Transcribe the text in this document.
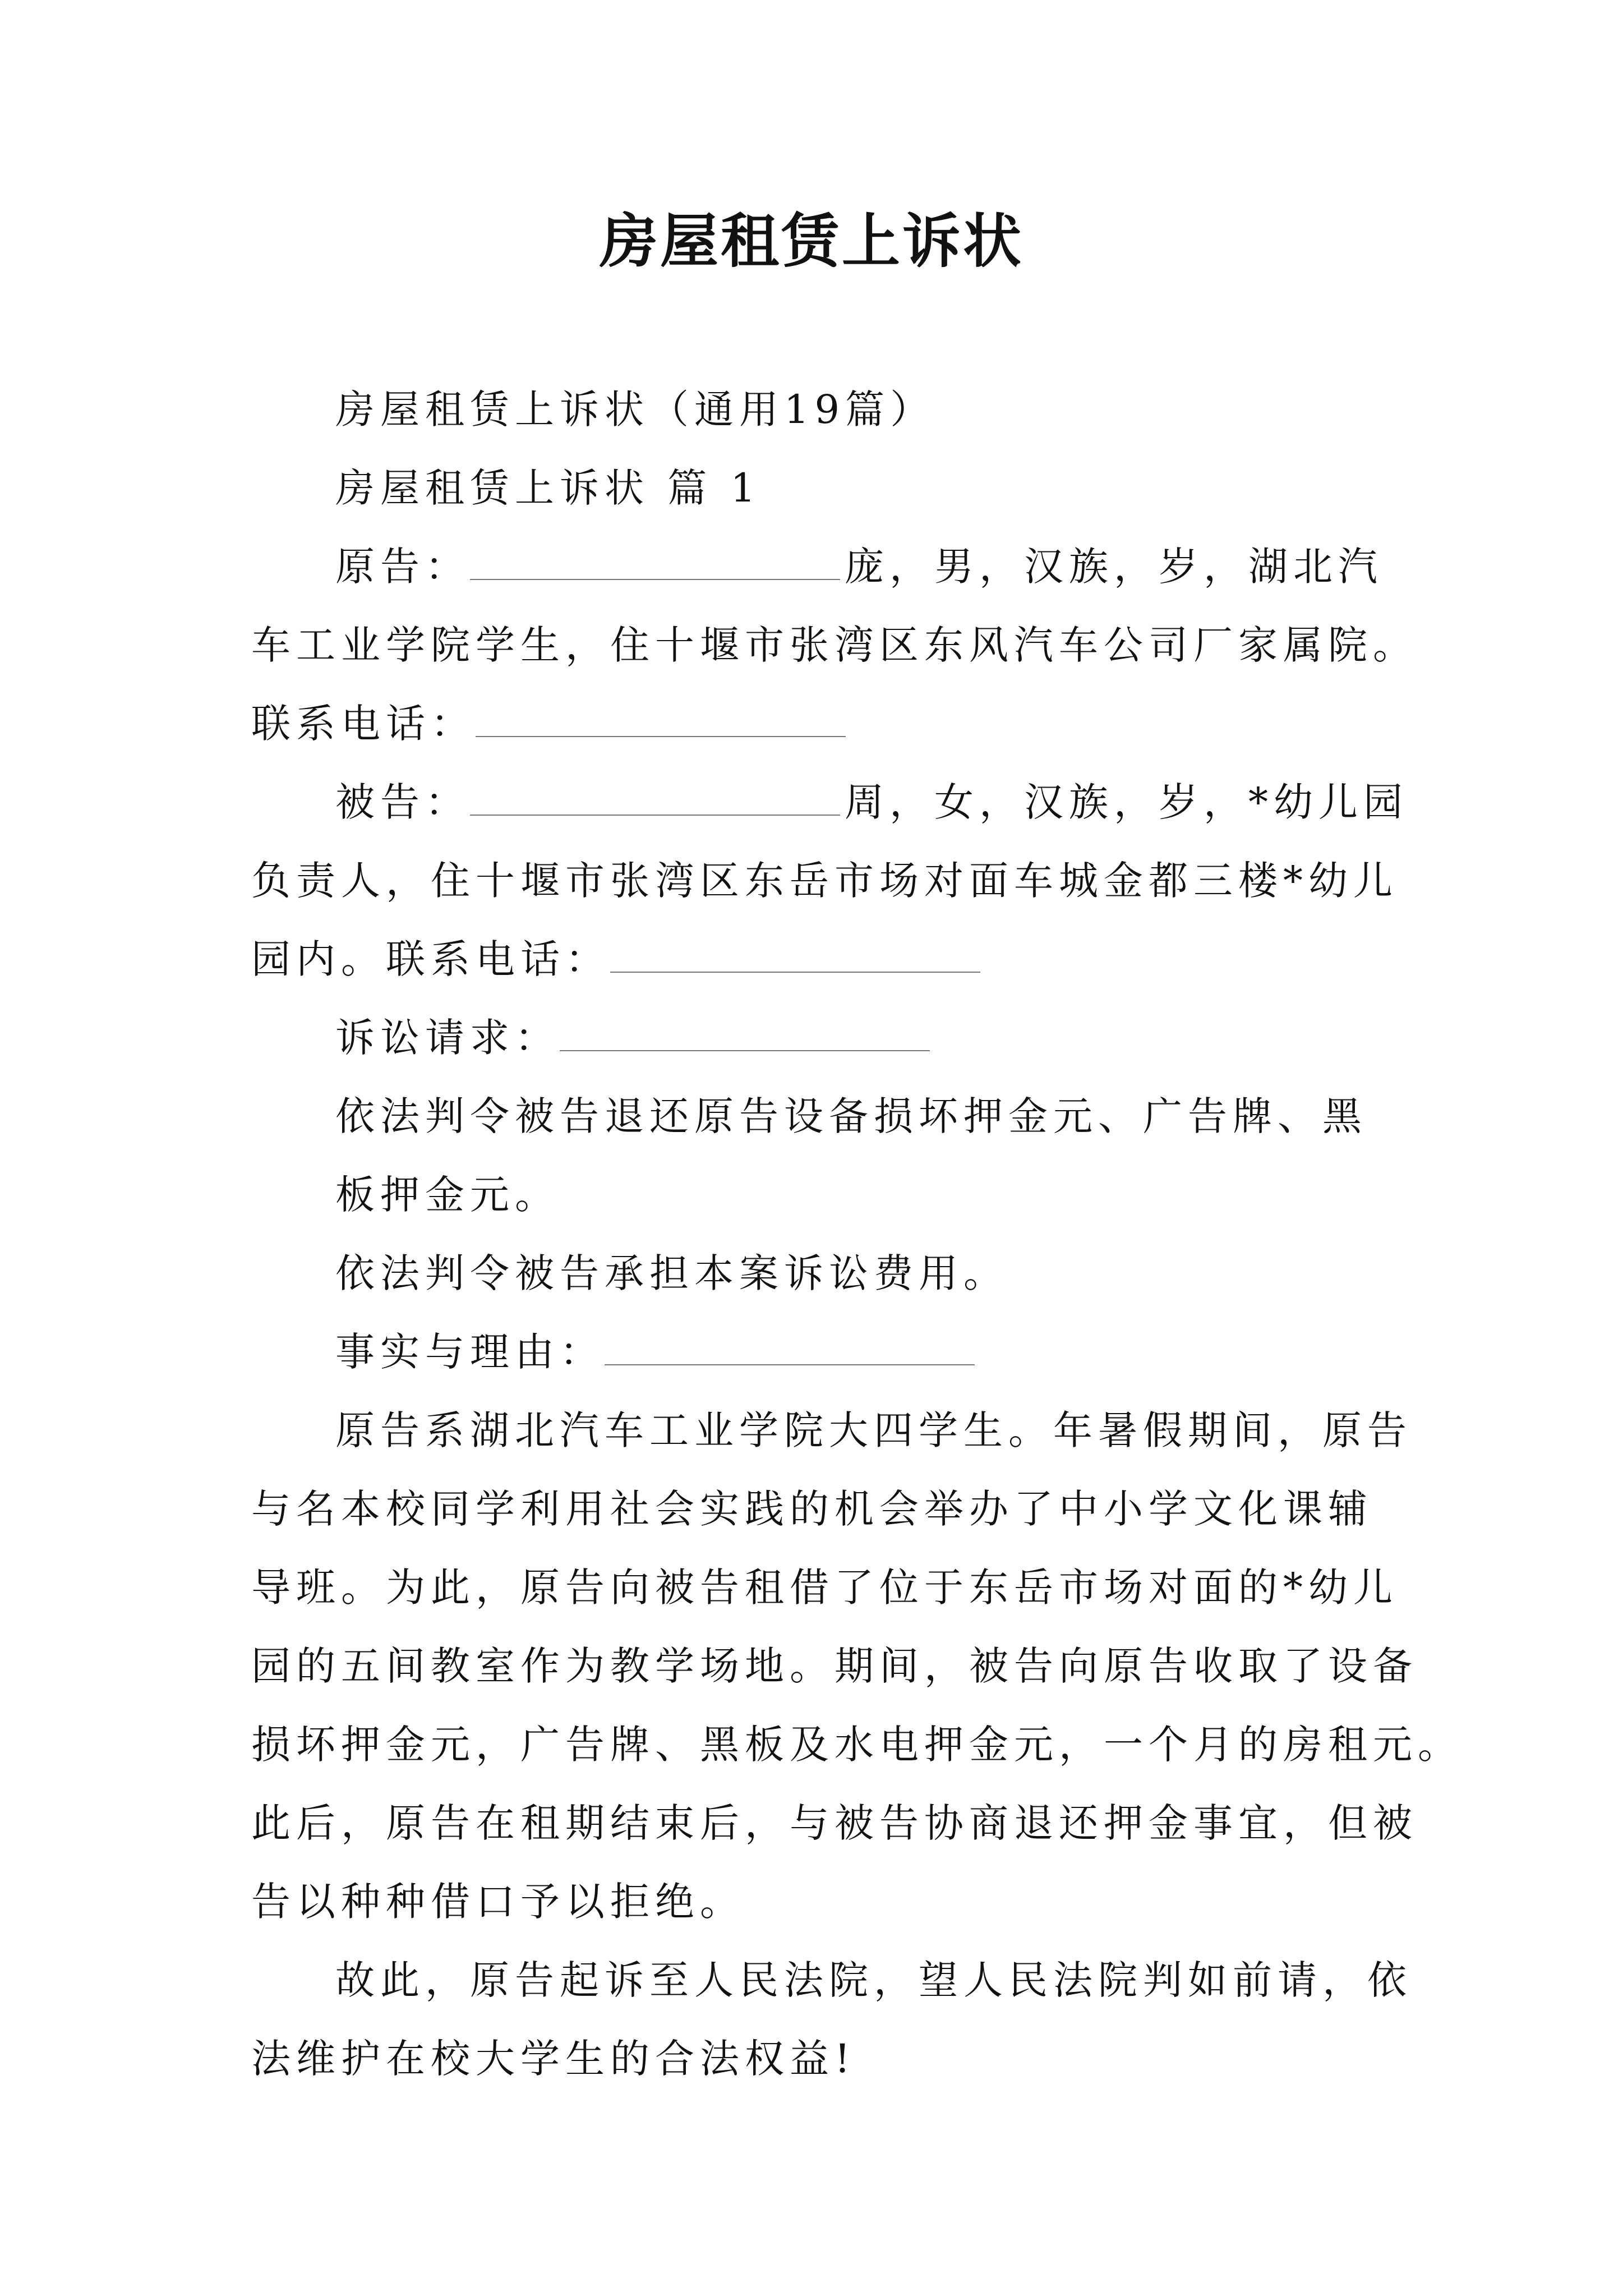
房屋租赁上诉状
房屋租赁上诉状（通用19篇）
房屋租赁上诉状 篇 1
原告：	庞，男，汉族，岁，湖北汽
车工业学院学生，住十堰市张湾区东风汽车公司厂家属院。
联系电话：
被告：	周，女，汉族，岁，*幼儿园
负责人，住十堰市张湾区东岳市场对面车城金都三楼*幼儿
园内。联系电话：
诉讼请求：
依法判令被告退还原告设备损坏押金元、广告牌、黑
板押金元。
依法判令被告承担本案诉讼费用。
事实与理由：
原告系湖北汽车工业学院大四学生。年暑假期间，原告
与名本校同学利用社会实践的机会举办了中小学文化课辅
导班。为此，原告向被告租借了位于东岳市场对面的*幼儿
园的五间教室作为教学场地。期间，被告向原告收取了设备
损坏押金元，广告牌、黑板及水电押金元，一个月的房租元。
此后，原告在租期结束后，与被告协商退还押金事宜，但被
告以种种借口予以拒绝。
故此，原告起诉至人民法院，望人民法院判如前请，依
法维护在校大学生的合法权益!
